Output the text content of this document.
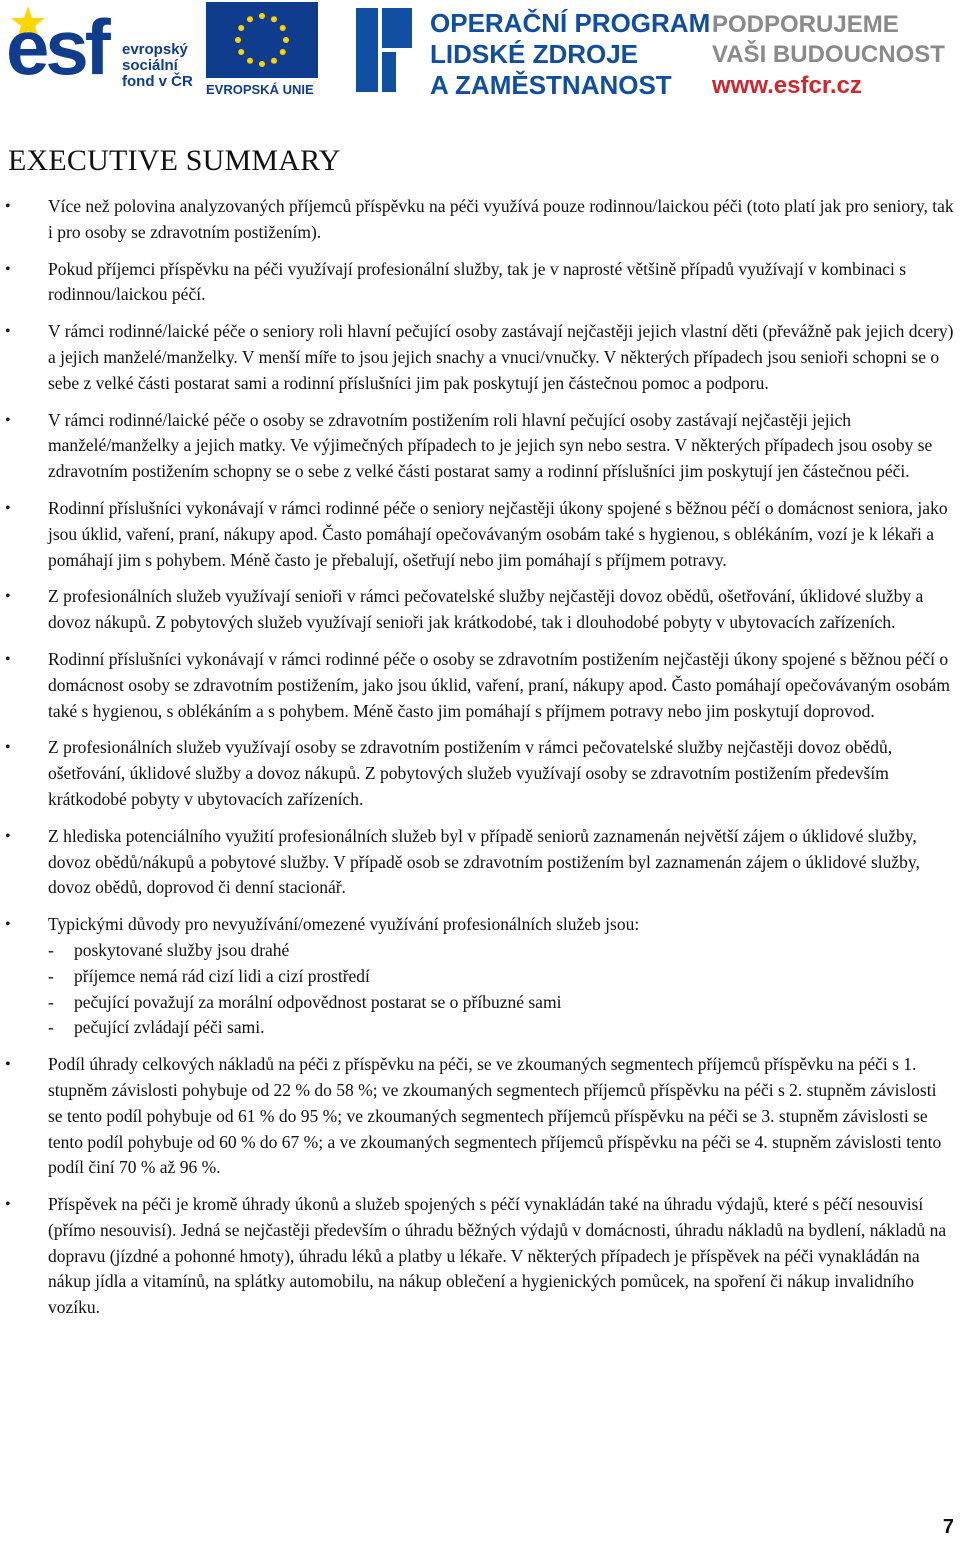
esf evropský
sociální
fond v ČR EVROPSKÁ UNIE
OPERAČNÍ PROGRAM
LIDSKÉ ZDROJE
A ZAMĚSTNANOST
PODPORUJEME
VAŠI BUDOUCNOST
www.esfcr.cz
EXECUTIVE SUMMARY
• Více než polovina analyzovaných příjemců příspěvku na péči využívá pouze rodinnou/laickou péči (toto platí jak pro seniory, tak i pro osoby se zdravotním postižením).
• Pokud příjemci příspěvku na péči využívají profesionální služby, tak je v naprosté většině případů využívají v kombinaci s rodinnou/laickou péčí.
• V rámci rodinné/laické péče o seniory roli hlavní pečující osoby zastávají nejčastěji jejich vlastní děti (převážně pak jejich dcery) a jejich manželé/manželky. V menší míře to jsou jejich snachy a vnuci/vnučky. V některých případech jsou senioři schopni se o sebe z velké části postarat sami a rodinní příslušníci jim pak poskytují jen částečnou pomoc a podporu.
• V rámci rodinné/laické péče o osoby se zdravotním postižením roli hlavní pečující osoby zastávají nejčastěji jejich manželé/manželky a jejich matky. Ve výjimečných případech to je jejich syn nebo sestra. V některých případech jsou osoby se zdravotním postižením schopny se o sebe z velké části postarat samy a rodinní příslušníci jim poskytují jen částečnou péči.
• Rodinní příslušníci vykonávají v rámci rodinné péče o seniory nejčastěji úkony spojené s běžnou péčí o domácnost seniora, jako jsou úklid, vaření, praní, nákupy apod. Často pomáhají opečovávaným osobám také s hygienou, s oblékáním, vozí je k lékaři a pomáhají jim s pohybem. Méně často je přebalují, ošetřují nebo jim pomáhají s příjmem potravy.
• Z profesionálních služeb využívají senioři v rámci pečovatelské služby nejčastěji dovoz obědů, ošetřování, úklidové služby a dovoz nákupů. Z pobytových služeb využívají senioři jak krátkodobé, tak i dlouhodobé pobyty v ubytovacích zařízeních.
• Rodinní příslušníci vykonávají v rámci rodinné péče o osoby se zdravotním postižením nejčastěji úkony spojené s běžnou péčí o domácnost osoby se zdravotním postižením, jako jsou úklid, vaření, praní, nákupy apod. Často pomáhají opečovávaným osobám také s hygienou, s oblékáním a s pohybem. Méně často jim pomáhají s příjmem potravy nebo jim poskytují doprovod.
• Z profesionálních služeb využívají osoby se zdravotním postižením v rámci pečovatelské služby nejčastěji dovoz obědů, ošetřování, úklidové služby a dovoz nákupů. Z pobytových služeb využívají osoby se zdravotním postižením především krátkodobé pobyty v ubytovacích zařízeních.
• Z hlediska potenciálního využití profesionálních služeb byl v případě seniorů zaznamenán největší zájem o úklidové služby, dovoz obědů/nákupů a pobytové služby. V případě osob se zdravotním postižením byl zaznamenán zájem o úklidové služby, dovoz obědů, doprovod či denní stacionář.
• Typickými důvody pro nevyužívání/omezené využívání profesionálních služeb jsou:
- poskytované služby jsou drahé
- příjemce nemá rád cizí lidi a cizí prostředí
- pečující považují za morální odpovědnost postarat se o příbuzné sami
- pečující zvládají péči sami.
• Podíl úhrady celkových nákladů na péči z příspěvku na péči, se ve zkoumaných segmentech příjemců příspěvku na péči s 1. stupněm závislosti pohybuje od 22 % do 58 %; ve zkoumaných segmentech příjemců příspěvku na péči s 2. stupněm závislosti se tento podíl pohybuje od 61 % do 95 %; ve zkoumaných segmentech příjemců příspěvku na péči se 3. stupněm závislosti se tento podíl pohybuje od 60 % do 67 %; a ve zkoumaných segmentech příjemců příspěvku na péči se 4. stupněm závislosti tento podíl činí 70 % až 96 %.
• Příspěvek na péči je kromě úhrady úkonů a služeb spojených s péčí vynakládán také na úhradu výdajů, které s péčí nesouvisí (přímo nesouvisí). Jedná se nejčastěji především o úhradu běžných výdajů v domácnosti, úhradu nákladů na bydlení, nákladů na dopravu (jízdné a pohonné hmoty), úhradu léků a platby u lékaře. V některých případech je příspěvek na péči vynakládán na nákup jídla a vitamínů, na splátky automobilu, na nákup oblečení a hygienických pomůcek, na spoření či nákup invalidního vozíku.
7
